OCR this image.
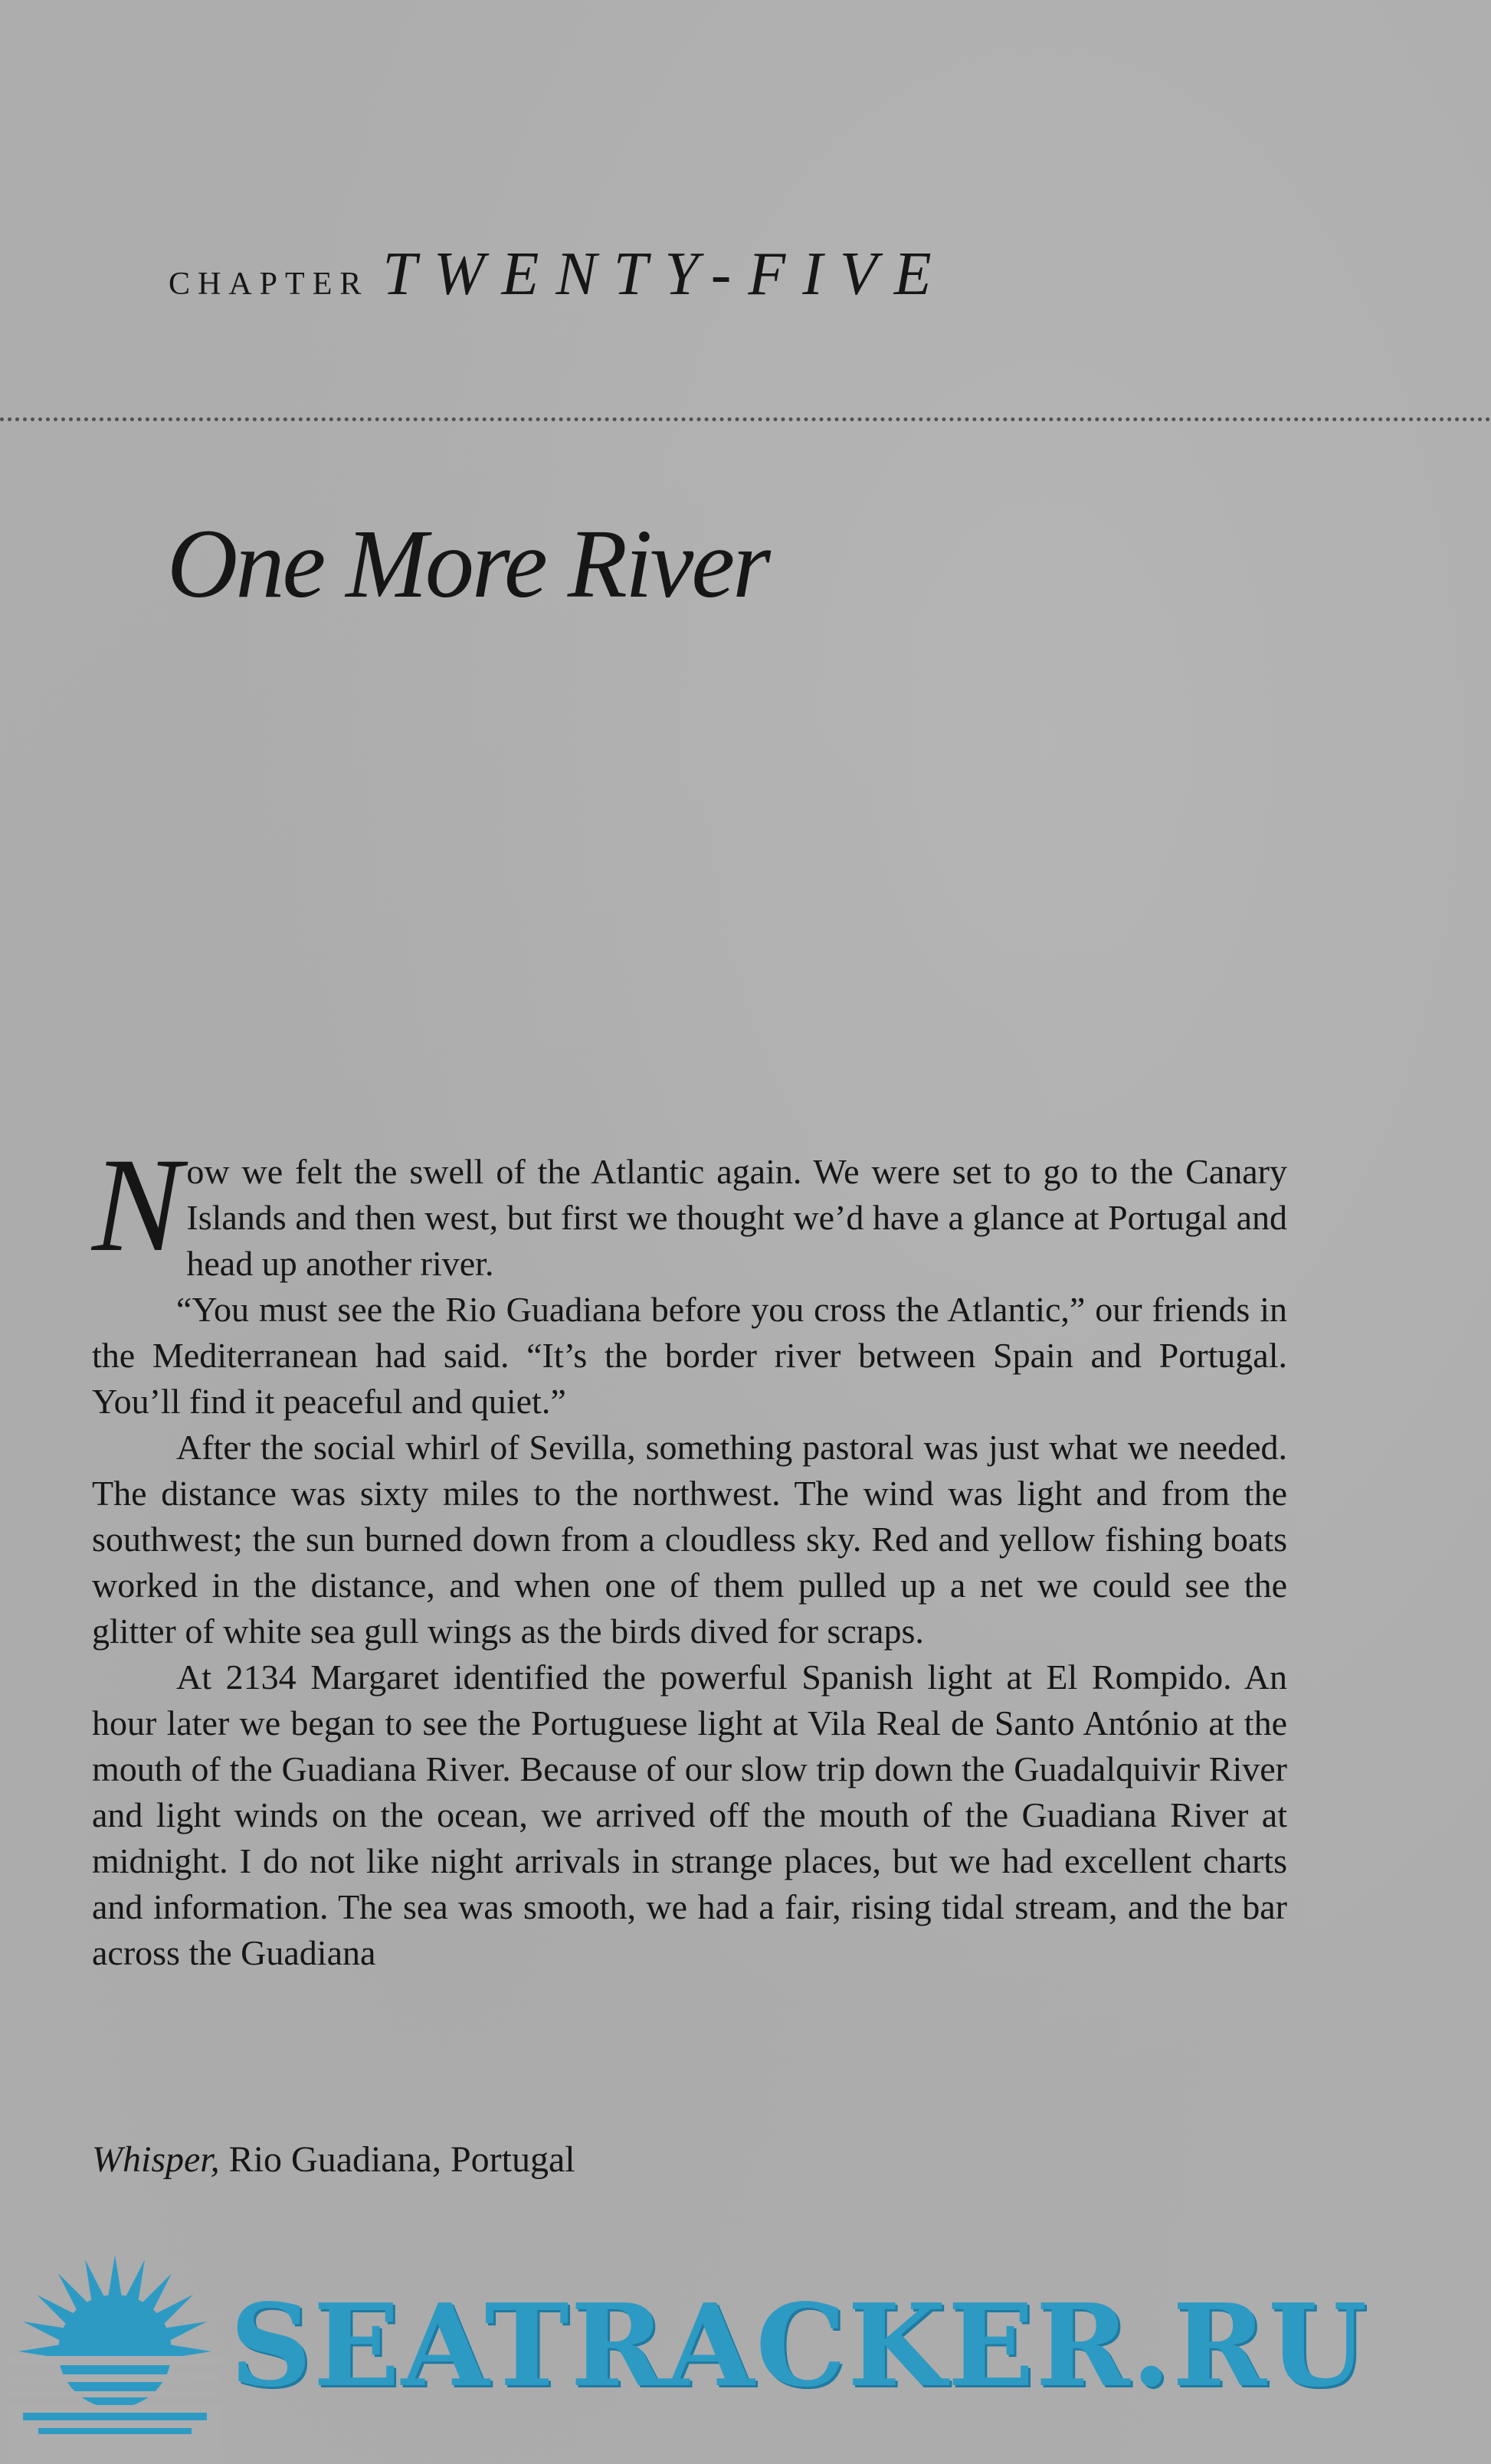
CHAPTER TWENTY-FIVE
One More River

Now we felt the swell of the Atlantic again. We were set to go to the Canary Islands and then west, but first we thought we’d have a glance at Portugal and head up another river.

“You must see the Rio Guadiana before you cross the Atlantic,” our friends in the Mediterranean had said. “It’s the border river between Spain and Portugal. You’ll find it peaceful and quiet.”

After the social whirl of Sevilla, something pastoral was just what we needed. The distance was sixty miles to the northwest. The wind was light and from the southwest; the sun burned down from a cloudless sky. Red and yellow fishing boats worked in the distance, and when one of them pulled up a net we could see the glitter of white sea gull wings as the birds dived for scraps.

At 2134 Margaret identified the powerful Spanish light at El Rompido. An hour later we began to see the Portuguese light at Vila Real de Santo António at the mouth of the Guadiana River. Because of our slow trip down the Guadalquivir River and light winds on the ocean, we arrived off the mouth of the Guadiana River at midnight. I do not like night arrivals in strange places, but we had excellent charts and information. The sea was smooth, we had a fair, rising tidal stream, and the bar across the Guadiana

Whisper, Rio Guadiana, Portugal
SEATRACKER.RU
